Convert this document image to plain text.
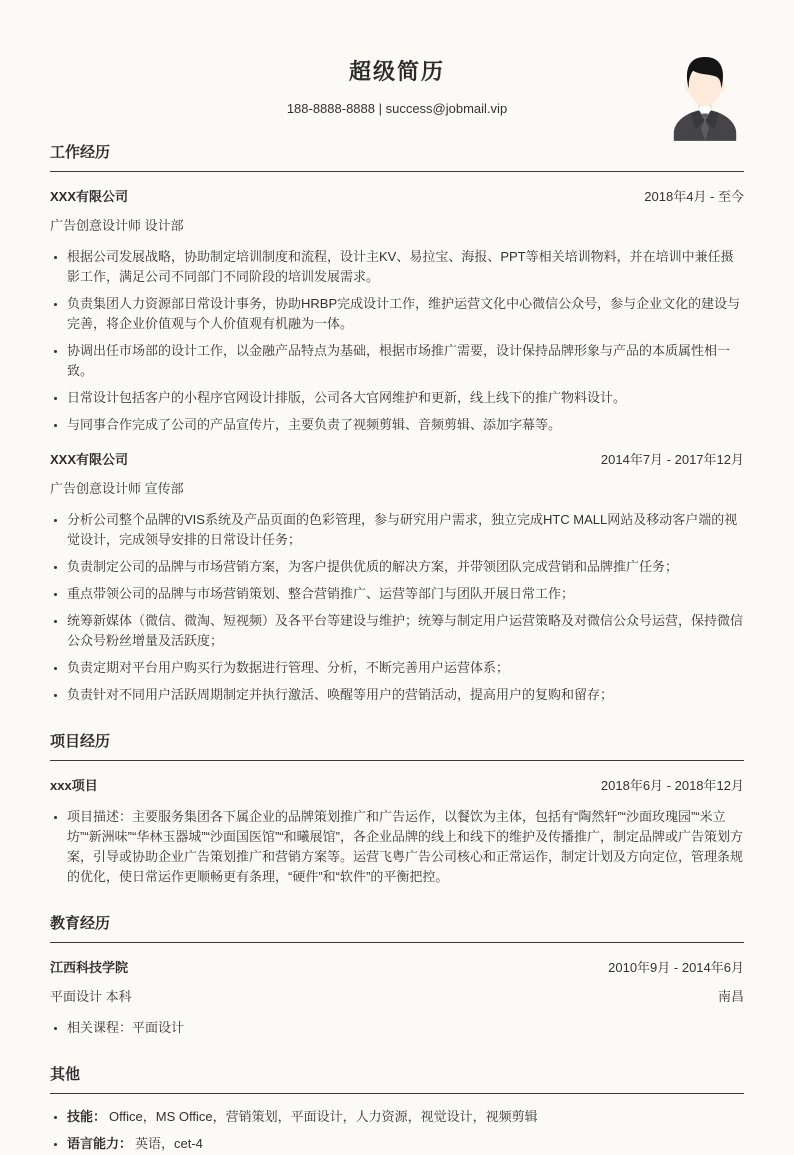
超级简历
188-8888-8888 | success@jobmail.vip
工作经历
XXX有限公司	2018年4月 - 至今
广告创意设计师 设计部
• 根据公司发展战略，协助制定培训制度和流程，设计主KV、易拉宝、海报、PPT等相关培训物料，并在培训中兼任摄影工作，满足公司不同部门不同阶段的培训发展需求。
• 负责集团人力资源部日常设计事务，协助HRBP完成设计工作，维护运营文化中心微信公众号，参与企业文化的建设与完善，将企业价值观与个人价值观有机融为一体。
• 协调出任市场部的设计工作，以金融产品特点为基础，根据市场推广需要，设计保持品牌形象与产品的本质属性相一致。
• 日常设计包括客户的小程序官网设计排版，公司各大官网维护和更新，线上线下的推广物料设计。
• 与同事合作完成了公司的产品宣传片，主要负责了视频剪辑、音频剪辑、添加字幕等。
XXX有限公司	2014年7月 - 2017年12月
广告创意设计师 宣传部
• 分析公司整个品牌的VIS系统及产品页面的色彩管理，参与研究用户需求，独立完成HTC MALL网站及移动客户端的视觉设计，完成领导安排的日常设计任务；
• 负责制定公司的品牌与市场营销方案，为客户提供优质的解决方案，并带领团队完成营销和品牌推广任务；
• 重点带领公司的品牌与市场营销策划、整合营销推广、运营等部门与团队开展日常工作；
• 统筹新媒体（微信、微淘、短视频）及各平台等建设与维护；统筹与制定用户运营策略及对微信公众号运营，保持微信公众号粉丝增量及活跃度；
• 负责定期对平台用户购买行为数据进行管理、分析，不断完善用户运营体系；
• 负责针对不同用户活跃周期制定并执行激活、唤醒等用户的营销活动，提高用户的复购和留存；
项目经历
xxx项目	2018年6月 - 2018年12月
• 项目描述：主要服务集团各下属企业的品牌策划推广和广告运作，以餐饮为主体，包括有“陶然轩”“沙面玫瑰园”“米立坊”“新洲味”“华林玉器城”“沙面国医馆”“和曦展馆”，各企业品牌的线上和线下的维护及传播推广，制定品牌或广告策划方案，引导或协助企业广告策划推广和营销方案等。运营飞粤广告公司核心和正常运作，制定计划及方向定位，管理条规的优化，使日常运作更顺畅更有条理，“硬件”和“软件”的平衡把控。
教育经历
江西科技学院	2010年9月 - 2014年6月
平面设计 本科	南昌
• 相关课程：平面设计
其他
• 技能： Office，MS Office，营销策划，平面设计，人力资源，视觉设计，视频剪辑
• 语言能力： 英语，cet-4
